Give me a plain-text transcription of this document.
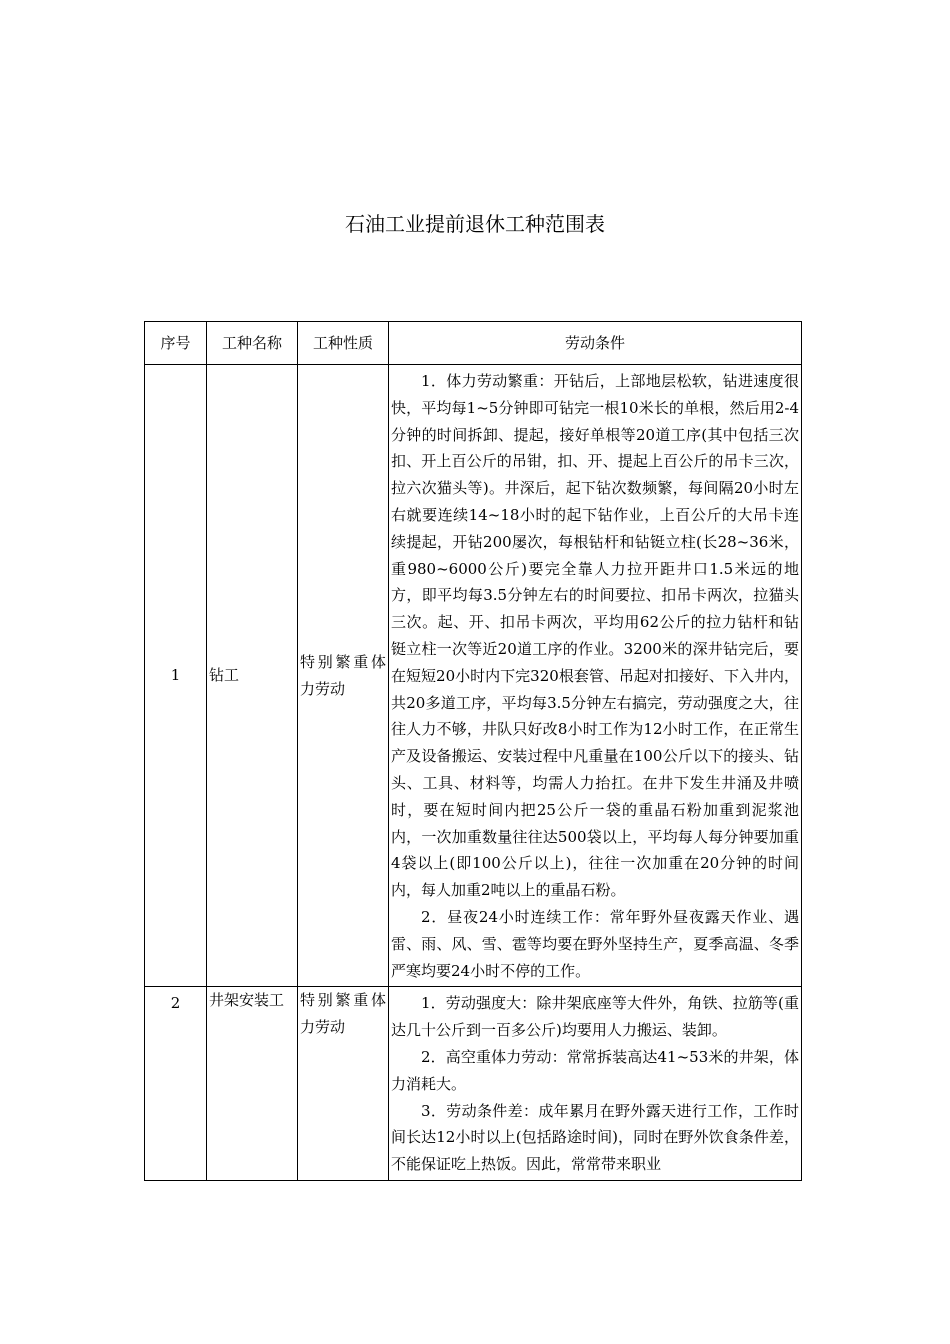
石油工业提前退休工种范围表
序号	工种名称	工种性质	劳动条件
1	钻工	特别繁重体力劳动	1．体力劳动繁重：开钻后，上部地层松软，钻进速度很快，平均每1~5分钟即可钻完一根10米长的单根，然后用2-4分钟的时间拆卸、提起，接好单根等20道工序(其中包括三次扣、开上百公斤的吊钳，扣、开、提起上百公斤的吊卡三次，拉六次猫头等)。井深后，起下钻次数频繁，每间隔20小时左右就要连续14~18小时的起下钻作业，上百公斤的大吊卡连续提起，开钻200屡次，每根钻杆和钻铤立柱(长28~36米，重980~6000公斤)要完全靠人力拉开距井口1.5米远的地方，即平均每3.5分钟左右的时间要拉、扣吊卡两次，拉猫头三次。起、开、扣吊卡两次，平均用62公斤的拉力钻杆和钻铤立柱一次等近20道工序的作业。3200米的深井钻完后，要在短短20小时内下完320根套管、吊起对扣接好、下入井内，共20多道工序，平均每3.5分钟左右搞完，劳动强度之大，往往人力不够，井队只好改8小时工作为12小时工作，在正常生产及设备搬运、安装过程中凡重量在100公斤以下的接头、钻头、工具、材料等，均需人力抬扛。在井下发生井涌及井喷时，要在短时间内把25公斤一袋的重晶石粉加重到泥浆池内，一次加重数量往往达500袋以上，平均每人每分钟要加重4袋以上(即100公斤以上)，往往一次加重在20分钟的时间内，每人加重2吨以上的重晶石粉。

2．昼夜24小时连续工作：常年野外昼夜露天作业、遇雷、雨、风、雪、雹等均要在野外坚持生产，夏季高温、冬季严寒均要24小时不停的工作。

2	井架安装工	特别繁重体力劳动	1．劳动强度大：除井架底座等大件外，角铁、拉筋等(重达几十公斤到一百多公斤)均要用人力搬运、装卸。

2．高空重体力劳动：常常拆装高达41~53米的井架，体力消耗大。

3．劳动条件差：成年累月在野外露天进行工作，工作时间长达12小时以上(包括路途时间)，同时在野外饮食条件差，不能保证吃上热饭。因此，常常带来职业
